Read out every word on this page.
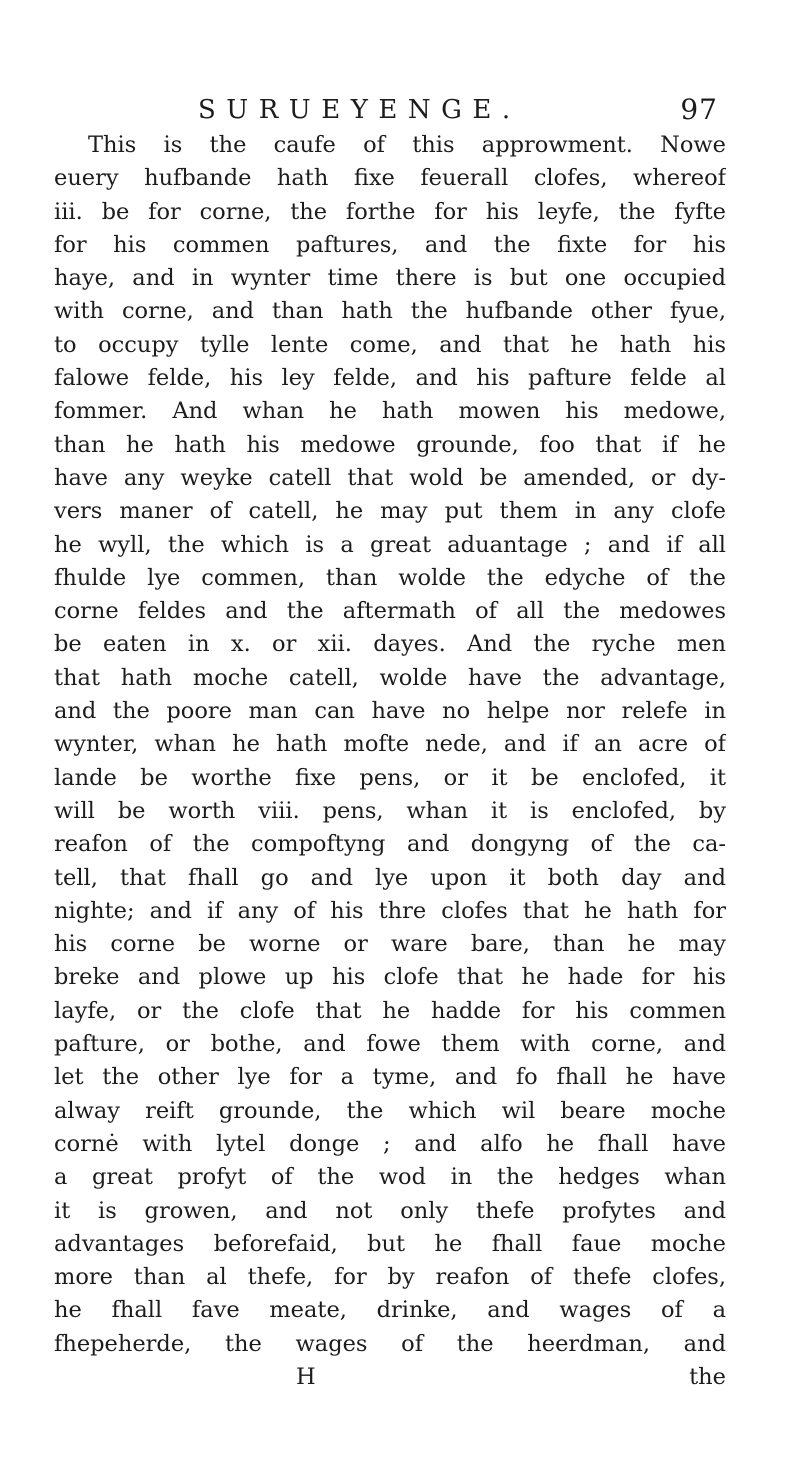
SURUEYENGE.	97
This is the caufe of this approwment. Nowe
euery hufbande hath fixe feuerall clofes, whereof
iii. be for corne, the forthe for his leyfe, the fyfte
for his commen paftures, and the fixte for his
haye, and in wynter time there is but one occupied
with corne, and than hath the hufbande other fyue,
to occupy tylle lente come, and that he hath his
falowe felde, his ley felde, and his pafture felde al
fommer. And whan he hath mowen his medowe,
than he hath his medowe grounde, foo that if he
have any weyke catell that wold be amended, or dy-
vers maner of catell, he may put them in any clofe
he wyll, the which is a great aduantage ; and if all
fhulde lye commen, than wolde the edyche of the
corne feldes and the aftermath of all the medowes
be eaten in x. or xii. dayes. And the ryche men
that hath moche catell, wolde have the advantage,
and the poore man can have no helpe nor relefe in
wynter, whan he hath mofte nede, and if an acre of
lande be worthe fixe pens, or it be enclofed, it
will be worth viii. pens, whan it is enclofed, by
reafon of the compoftyng and dongyng of the ca-
tell, that fhall go and lye upon it both day and
nighte; and if any of his thre clofes that he hath for
his corne be worne or ware bare, than he may
breke and plowe up his clofe that he hade for his
layfe, or the clofe that he hadde for his commen
pafture, or bothe, and fowe them with corne, and
let the other lye for a tyme, and fo fhall he have
alway reift grounde, the which wil beare moche
cornė with lytel donge ; and alfo he fhall have
a great profyt of the wod in the hedges whan
it is growen, and not only thefe profytes and
advantages beforefaid, but he fhall faue moche
more than al thefe, for by reafon of thefe clofes,
he fhall fave meate, drinke, and wages of a
fhepeherde, the wages of the heerdman, and
H	the
